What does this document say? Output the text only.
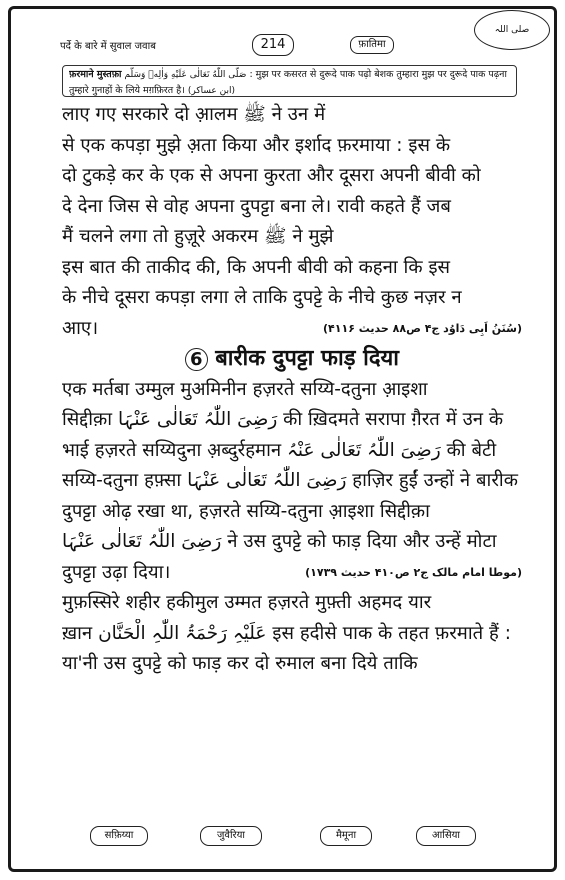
पर्दे के बारे में सुवाल जवाब	214	फ़ातिमा
صلی اللہ
फ़रमाने मुस्तफ़ा صَلَّى اللّٰهُ تَعَالٰى عَلَيْهِ وَاٰلِهٖ وَسَلَّم : मुझ पर कसरत से दुरूदे पाक पढ़ो बेशक तुम्हारा मुझ पर दुरूदे पाक पढ़ना
तुम्हारे गुनाहों के लिये मग़फ़िरत है। (ابن عساکر)
लाए गए सरकारे दो आ़लम ﷺ ने उन में
से एक कपड़ा मुझे अ़ता किया और इर्शाद फ़रमाया : इस के
दो टुकड़े कर के एक से अपना कुरता और दूसरा अपनी बीवी को
दे देना जिस से वोह अपना दुपट्टा बना ले। रावी कहते हैं जब
मैं चलने लगा तो हुज़ूरे अकरम ﷺ ने मुझे
इस बात की ताकीद की, कि अपनी बीवी को कहना कि इस
के नीचे दूसरा कपड़ा लगा ले ताकि दुपट्टे के नीचे कुछ नज़र न
आए।	(سُنَنُ اَبِی دَاوُد ج۴ ص۸۸ حدیث ۴۱۱۶)
6 बारीक दुपट्टा फाड़ दिया
एक मर्तबा उम्मुल मुअमिनीन हज़रते सय्यि-दतुना आ़इशा
सिद्दीक़ा رَضِیَ اللّٰہُ تَعَالٰی عَنْہَا की ख़िदमते सरापा ग़ैरत में उन के
भाई हज़रते सय्यिदुना अ़ब्दुर्रहमान رَضِیَ اللّٰہُ تَعَالٰی عَنْہُ की बेटी
सय्यि-दतुना हफ़्सा رَضِیَ اللّٰہُ تَعَالٰی عَنْہَا हाज़िर हुईं उन्हों ने बारीक
दुपट्टा ओढ़ रखा था, हज़रते सय्यि-दतुना आ़इशा सिद्दीक़ा
رَضِیَ اللّٰہُ تَعَالٰی عَنْہَا ने उस दुपट्टे को फाड़ दिया और उन्हें मोटा
दुपट्टा उढ़ा दिया।	(موطا امام مالک ج۲ ص۴۱۰ حدیث ۱۷۳۹)
मुफ़स्सिरे शहीर हकीमुल उम्मत हज़रते मुफ़्ती अहमद यार
ख़ान عَلَیْہِ رَحْمَۃُ اللّٰہِ الْحَنَّان इस हदीसे पाक के तहत फ़रमाते हैं :
या'नी उस दुपट्टे को फाड़ कर दो रुमाल बना दिये ताकि
सफ़िय्या	जुवैरिया	मैमूना	आसिया
